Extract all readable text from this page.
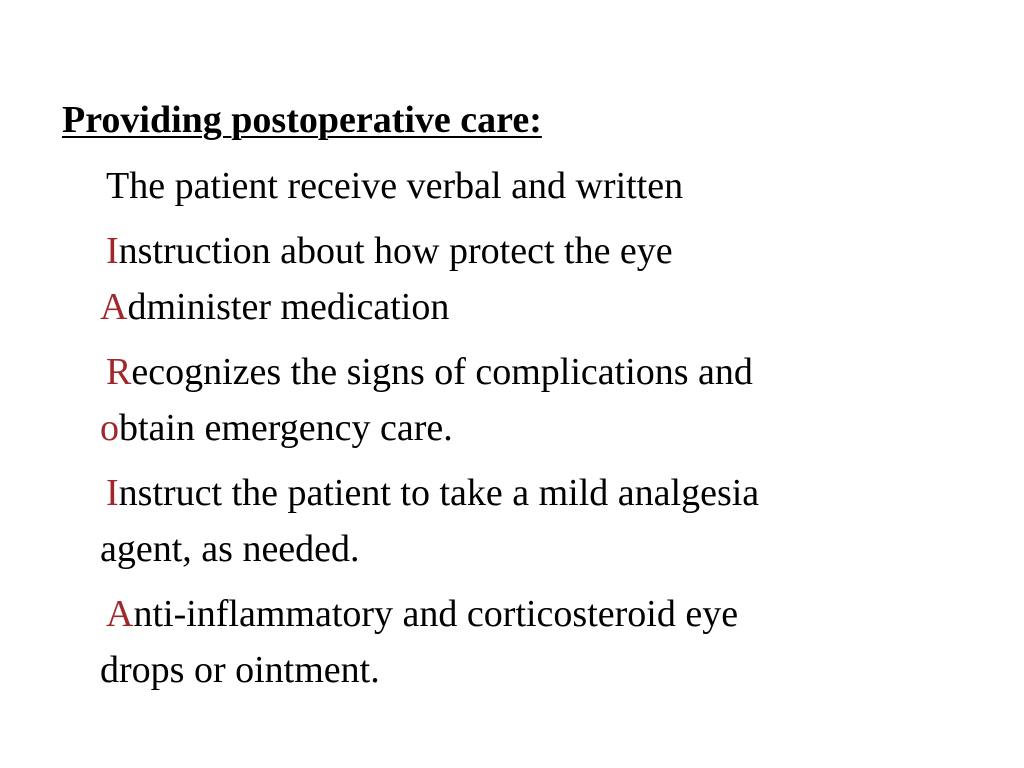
Providing postoperative care:
The patient receive verbal and written
Instruction about how protect the eye
Administer medication
Recognizes the signs of complications and
obtain emergency care.
Instruct the patient to take a mild analgesia
agent, as needed.
Anti-inflammatory and corticosteroid eye
drops or ointment.
